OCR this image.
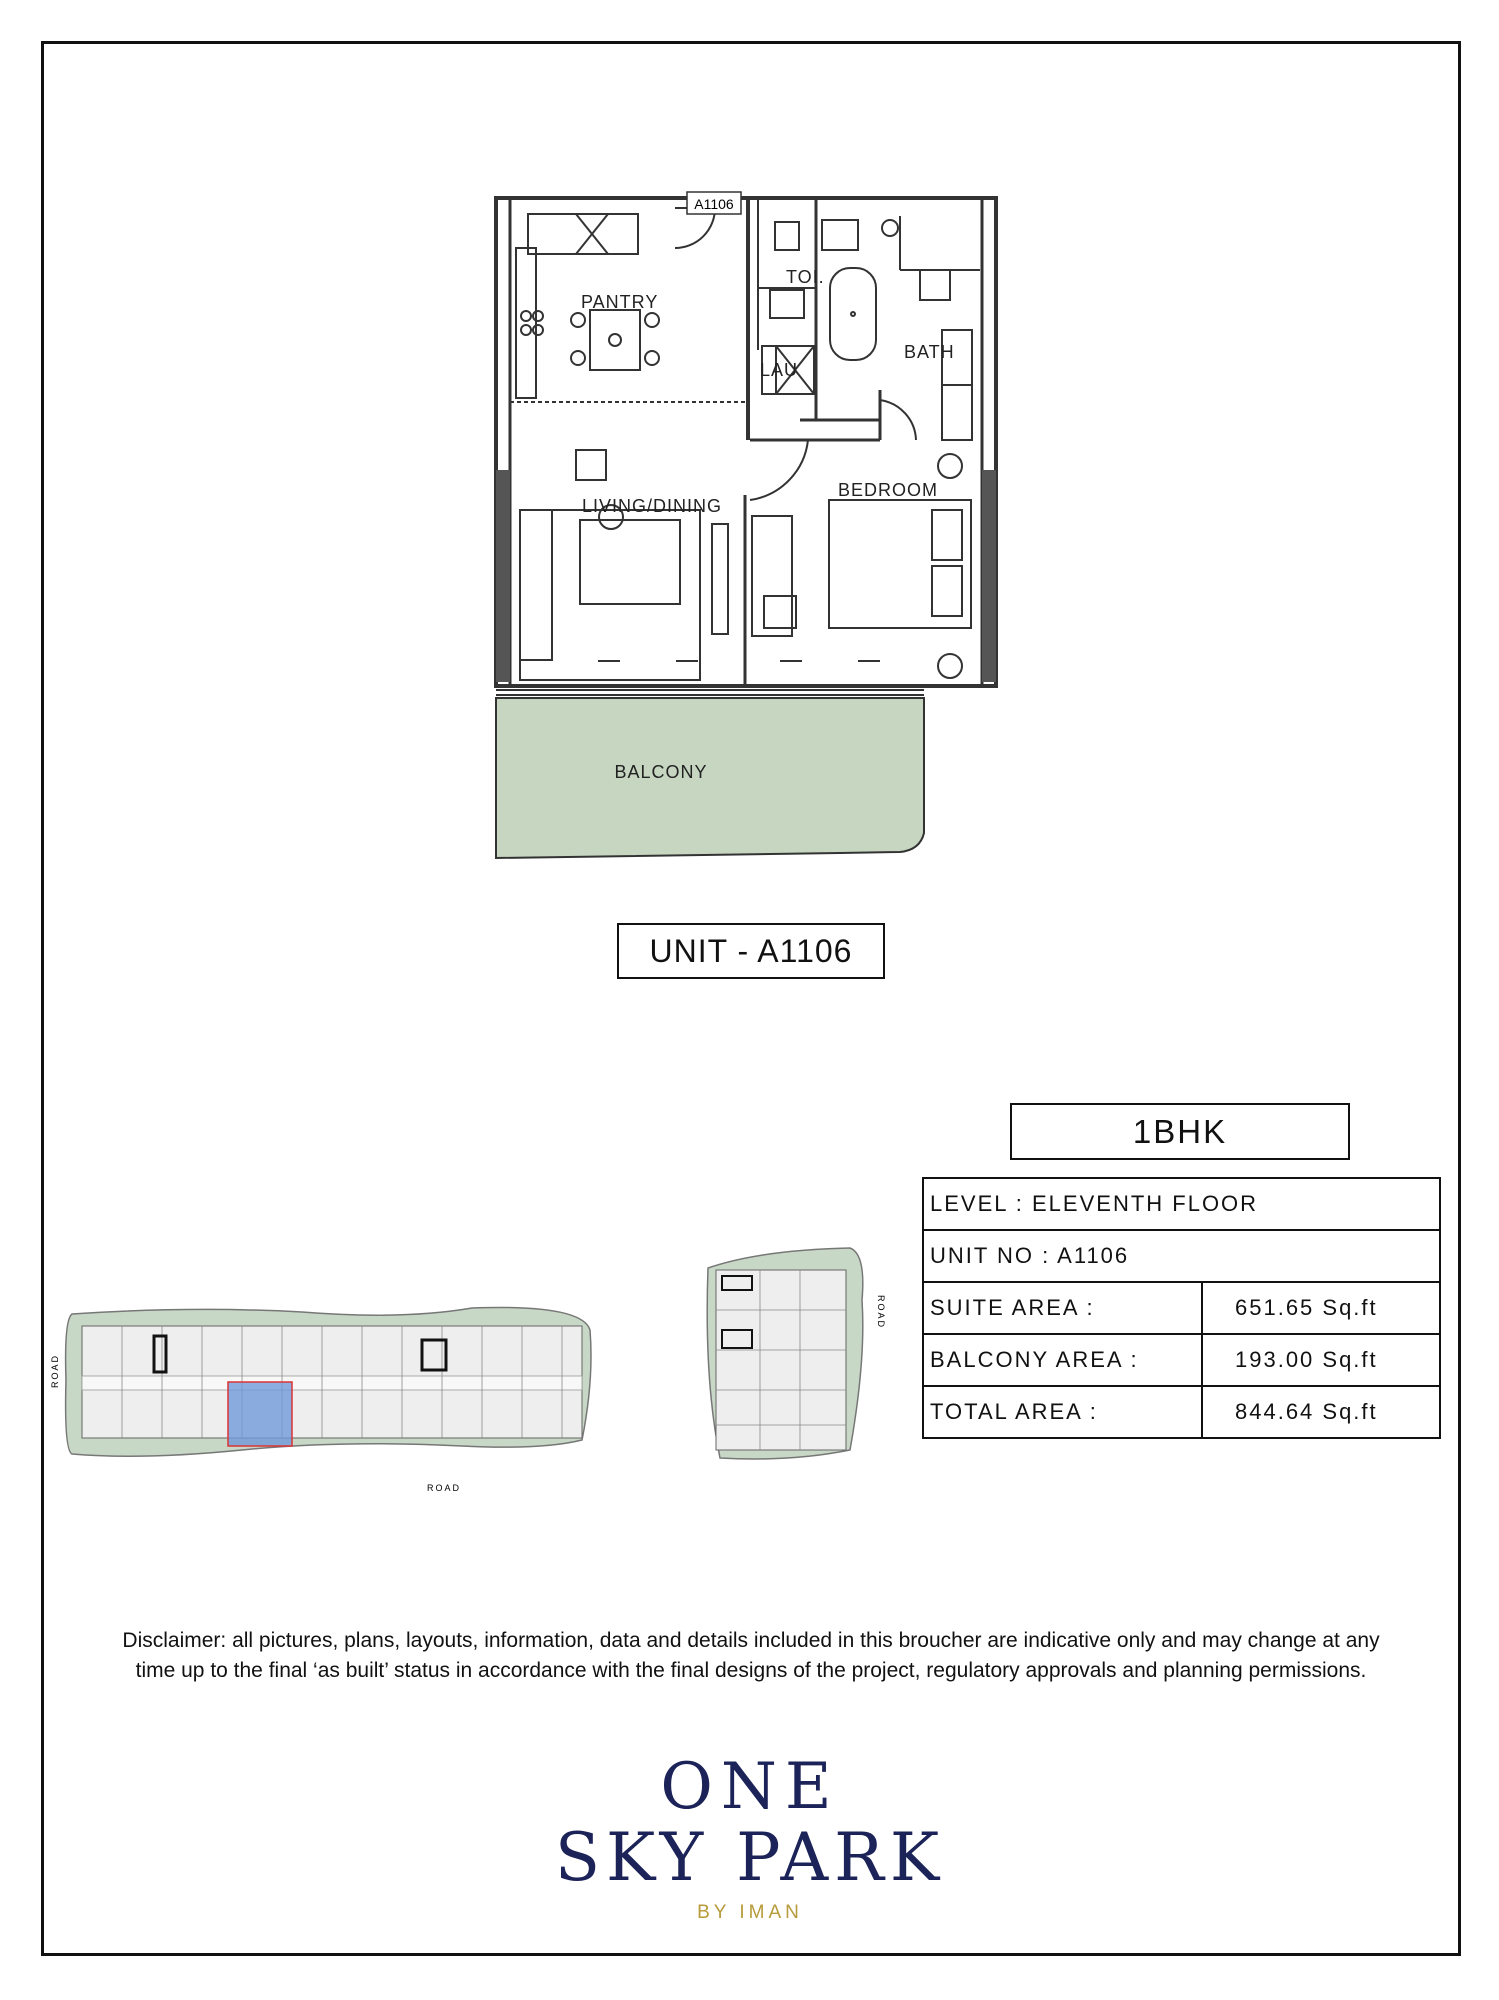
A1106
PANTRY
TOI.
LAU
BATH
LIVING/DINING
BEDROOM
BALCONY
UNIT - A1106
1BHK
LEVEL : ELEVENTH FLOOR	
UNIT NO : A1106	
SUITE AREA :	651.65 Sq.ft
BALCONY AREA :	193.00 Sq.ft
TOTAL AREA :	844.64 Sq.ft
ROAD
ROAD
ROAD
Disclaimer: all pictures, plans, layouts, information, data and details included in this broucher are indicative only and may change at any time up to the final ‘as built’ status in accordance with the final designs of the project, regulatory approvals and planning permissions.
ONE
SKY PARK
BY IMAN
